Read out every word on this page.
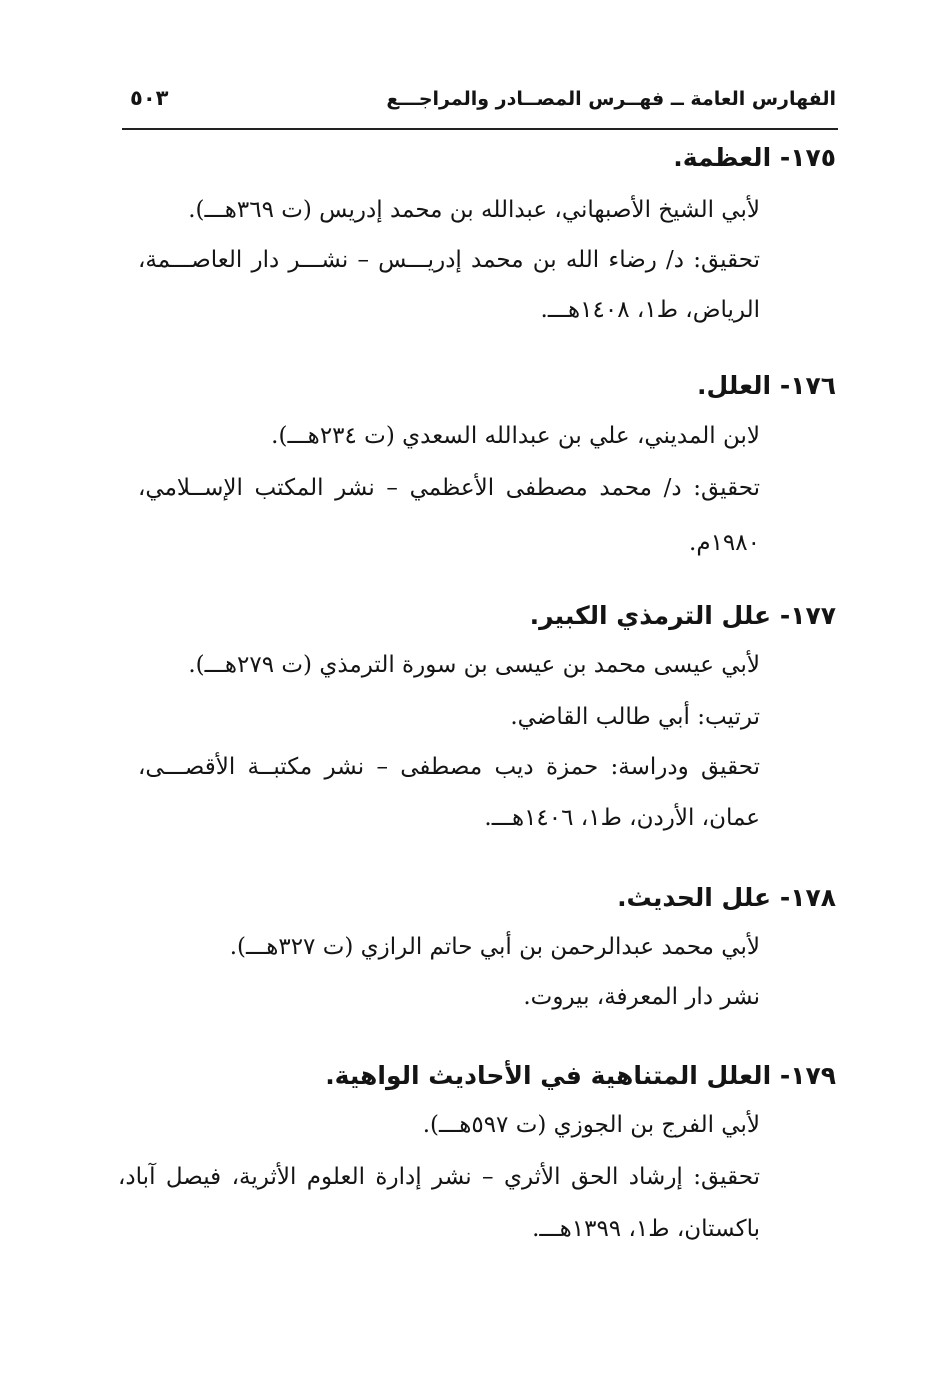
الفهارس العامة ــ فهــرس المصــادر والمراجـــع
٥٠٣
١٧٥- العظمة.
لأبي الشيخ الأصبهاني، عبدالله بن محمد إدريس (ت ٣٦٩هـــ).
تحقيق: د/ رضاء الله بن محمد إدريـــس – نشـــر دار العاصـــمة،
الرياض، ط١، ١٤٠٨هـــ.
١٧٦- العلل.
لابن المديني، علي بن عبدالله السعدي (ت ٢٣٤هـــ).
تحقيق: د/ محمد مصطفى الأعظمي – نشر المكتب الإســلامي،
١٩٨٠م.
١٧٧- علل الترمذي الكبير.
لأبي عيسى محمد بن عيسى بن سورة الترمذي (ت ٢٧٩هـــ).
ترتيب: أبي طالب القاضي.
تحقيق ودراسة: حمزة ديب مصطفى – نشر مكتبــة الأقصـــى،
عمان، الأردن، ط١، ١٤٠٦هـــ.
١٧٨- علل الحديث.
لأبي محمد عبدالرحمن بن أبي حاتم الرازي (ت ٣٢٧هـــ).
نشر دار المعرفة، بيروت.
١٧٩- العلل المتناهية في الأحاديث الواهية.
لأبي الفرج بن الجوزي (ت ٥٩٧هـــ).
تحقيق: إرشاد الحق الأثري – نشر إدارة العلوم الأثرية، فيصل آباد،
باكستان، ط١، ١٣٩٩هـــ.
